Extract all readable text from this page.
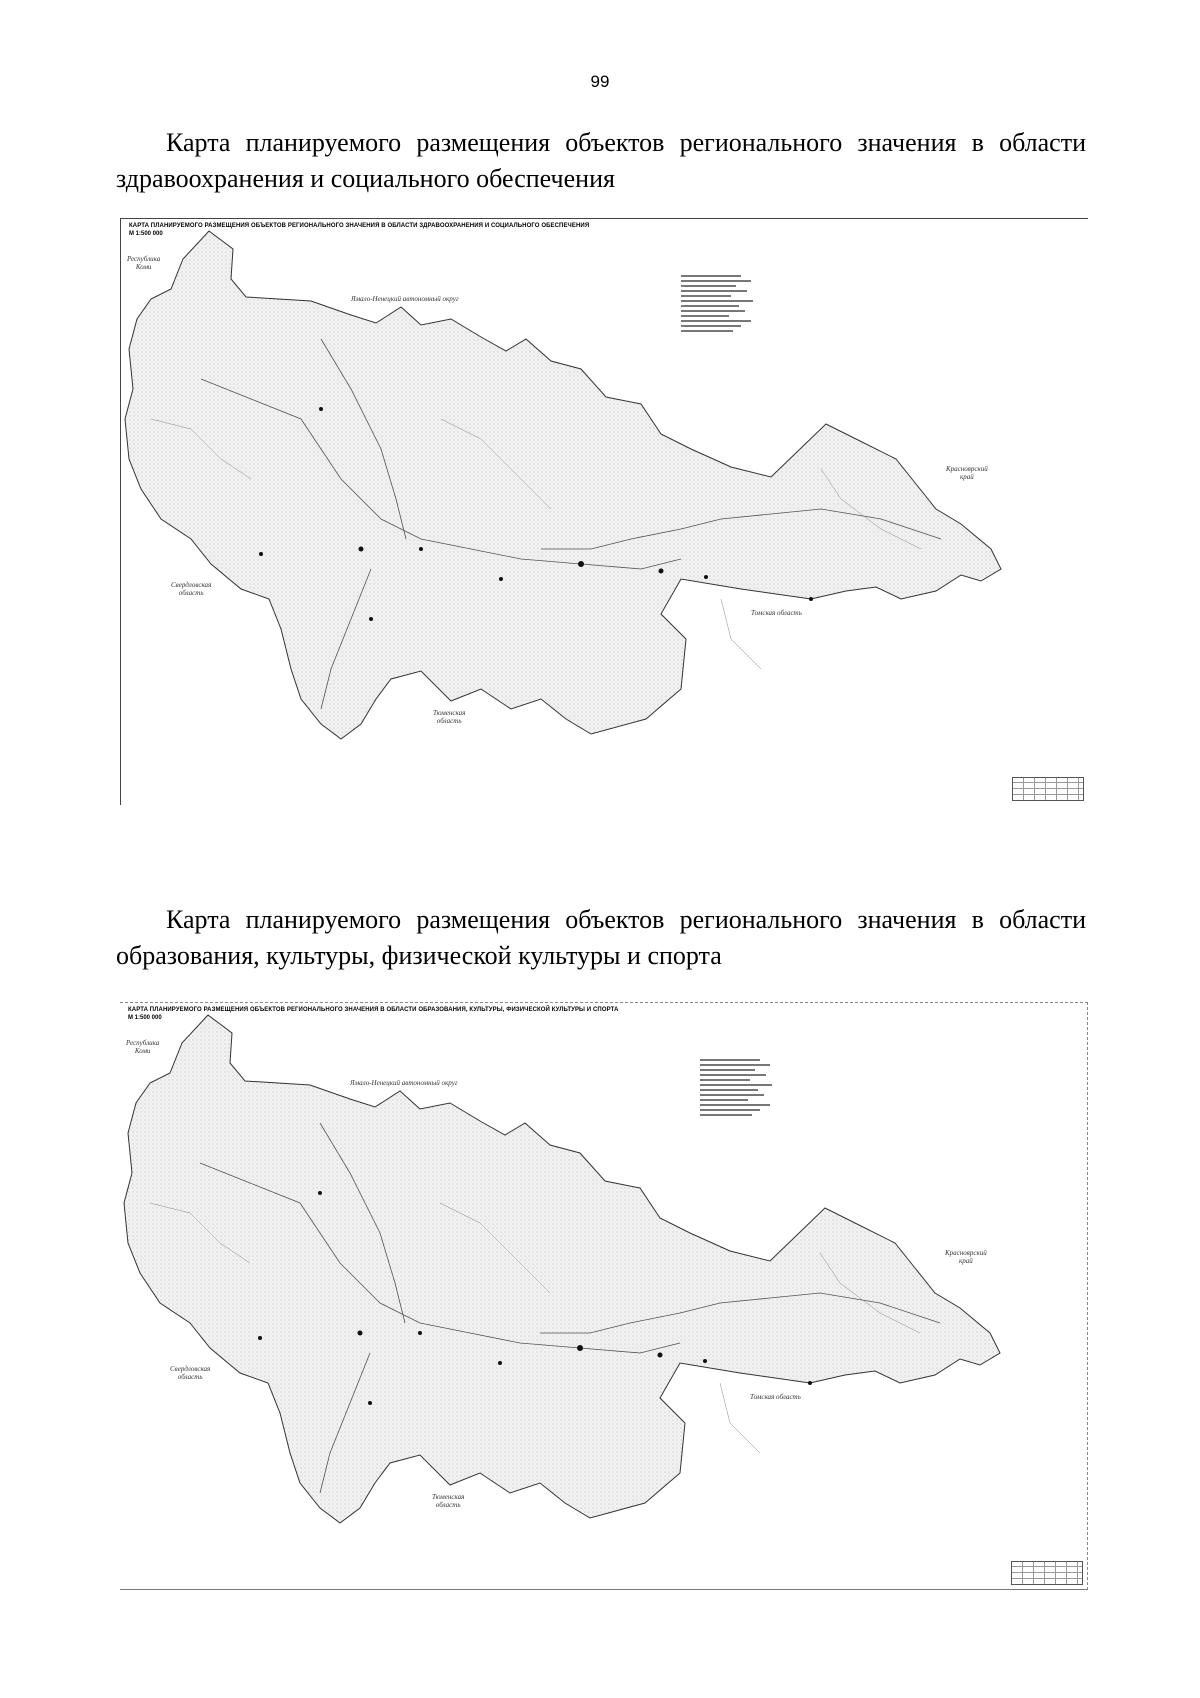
99
Карта планируемого размещения объектов регионального значения в области здравоохранения и социального обеспечения
КАРТА ПЛАНИРУЕМОГО РАЗМЕЩЕНИЯ ОБЪЕКТОВ РЕГИОНАЛЬНОГО ЗНАЧЕНИЯ В ОБЛАСТИ ЗДРАВООХРАНЕНИЯ И СОЦИАЛЬНОГО ОБЕСПЕЧЕНИЯ
М 1:500 000
Республика
Коми
Ямало-Ненецкий автономный округ
Красноярский
край
Свердловская
область
Томская область
Тюменская
область
Карта планируемого размещения объектов регионального значения в области образования, культуры, физической культуры и спорта
КАРТА ПЛАНИРУЕМОГО РАЗМЕЩЕНИЯ ОБЪЕКТОВ РЕГИОНАЛЬНОГО ЗНАЧЕНИЯ В ОБЛАСТИ ОБРАЗОВАНИЯ, КУЛЬТУРЫ, ФИЗИЧЕСКОЙ КУЛЬТУРЫ И СПОРТА
М 1:500 000
Республика
Коми
Ямало-Ненецкий автономный округ
Красноярский
край
Свердловская
область
Томская область
Тюменская
область
